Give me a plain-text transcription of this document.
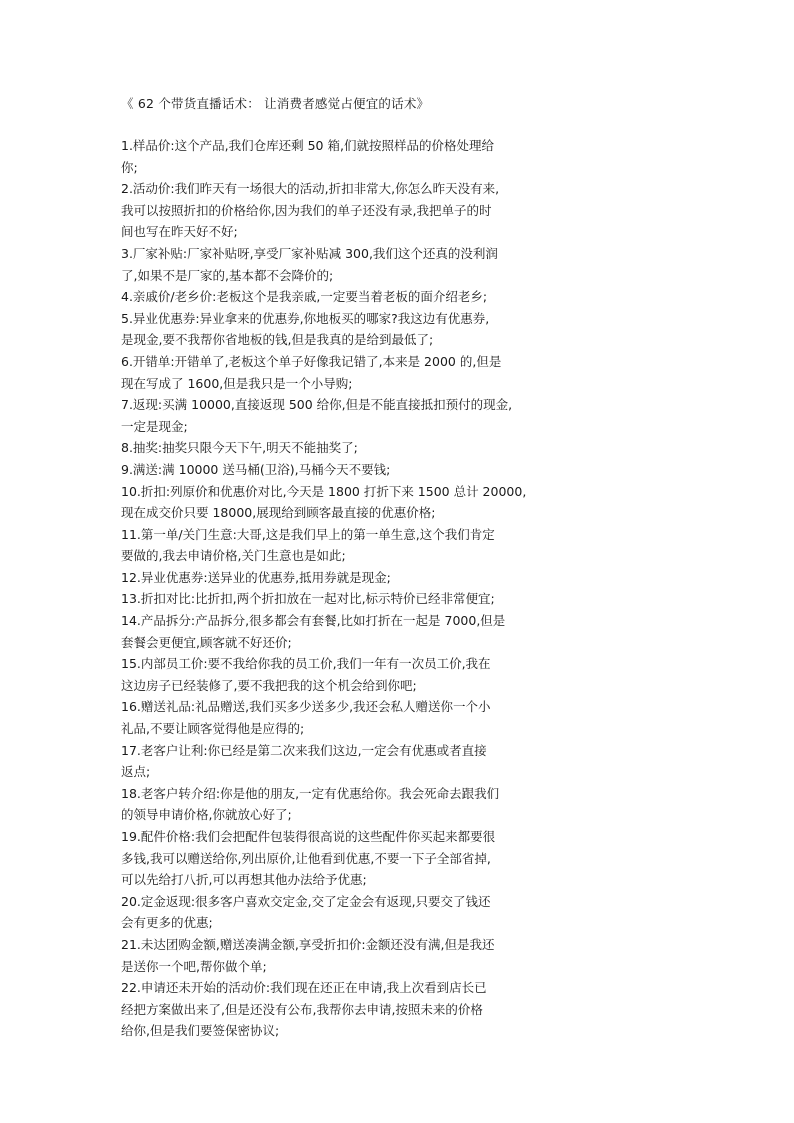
《 62 个带货直播话术： 让消费者感觉占便宜的话术》
1.样品价:这个产品,我们仓库还剩 50 箱,们就按照样品的价格处理给
你;
2.活动价:我们昨天有一场很大的活动,折扣非常大,你怎么昨天没有来,
我可以按照折扣的价格给你,因为我们的单子还没有录,我把单子的时
间也写在昨天好不好;
3.厂家补贴:厂家补贴呀,享受厂家补贴减 300,我们这个还真的没利润
了,如果不是厂家的,基本都不会降价的;
4.亲戚价/老乡价:老板这个是我亲戚,一定要当着老板的面介绍老乡;
5.异业优惠券:异业拿来的优惠券,你地板买的哪家?我这边有优惠券,
是现金,要不我帮你省地板的钱,但是我真的是给到最低了;
6.开错单:开错单了,老板这个单子好像我记错了,本来是 2000 的,但是
现在写成了 1600,但是我只是一个小导购;
7.返现:买满 10000,直接返现 500 给你,但是不能直接抵扣预付的现金,
一定是现金;
8.抽奖:抽奖只限今天下午,明天不能抽奖了;
9.满送:满 10000 送马桶(卫浴),马桶今天不要钱;
10.折扣:列原价和优惠价对比,今天是 1800 打折下来 1500 总计 20000,
现在成交价只要 18000,展现给到顾客最直接的优惠价格;
11.第一单/关门生意:大哥,这是我们早上的第一单生意,这个我们肯定
要做的,我去申请价格,关门生意也是如此;
12.异业优惠券:送异业的优惠券,抵用券就是现金;
13.折扣对比:比折扣,两个折扣放在一起对比,标示特价已经非常便宜;
14.产品拆分:产品拆分,很多都会有套餐,比如打折在一起是 7000,但是
套餐会更便宜,顾客就不好还价;
15.内部员工价:要不我给你我的员工价,我们一年有一次员工价,我在
这边房子已经装修了,要不我把我的这个机会给到你吧;
16.赠送礼品:礼品赠送,我们买多少送多少,我还会私人赠送你一个小
礼品,不要让顾客觉得他是应得的;
17.老客户让利:你已经是第二次来我们这边,一定会有优惠或者直接
返点;
18.老客户转介绍:你是他的朋友,一定有优惠给你。我会死命去跟我们
的领导申请价格,你就放心好了;
19.配件价格:我们会把配件包装得很高说的这些配件你买起来都要很
多钱,我可以赠送给你,列出原价,让他看到优惠,不要一下子全部省掉,
可以先给打八折,可以再想其他办法给予优惠;
20.定金返现:很多客户喜欢交定金,交了定金会有返现,只要交了钱还
会有更多的优惠;
21.未达团购金额,赠送凑满金额,享受折扣价:金额还没有满,但是我还
是送你一个吧,帮你做个单;
22.申请还未开始的活动价:我们现在还正在申请,我上次看到店长已
经把方案做出来了,但是还没有公布,我帮你去申请,按照未来的价格
给你,但是我们要签保密协议;
